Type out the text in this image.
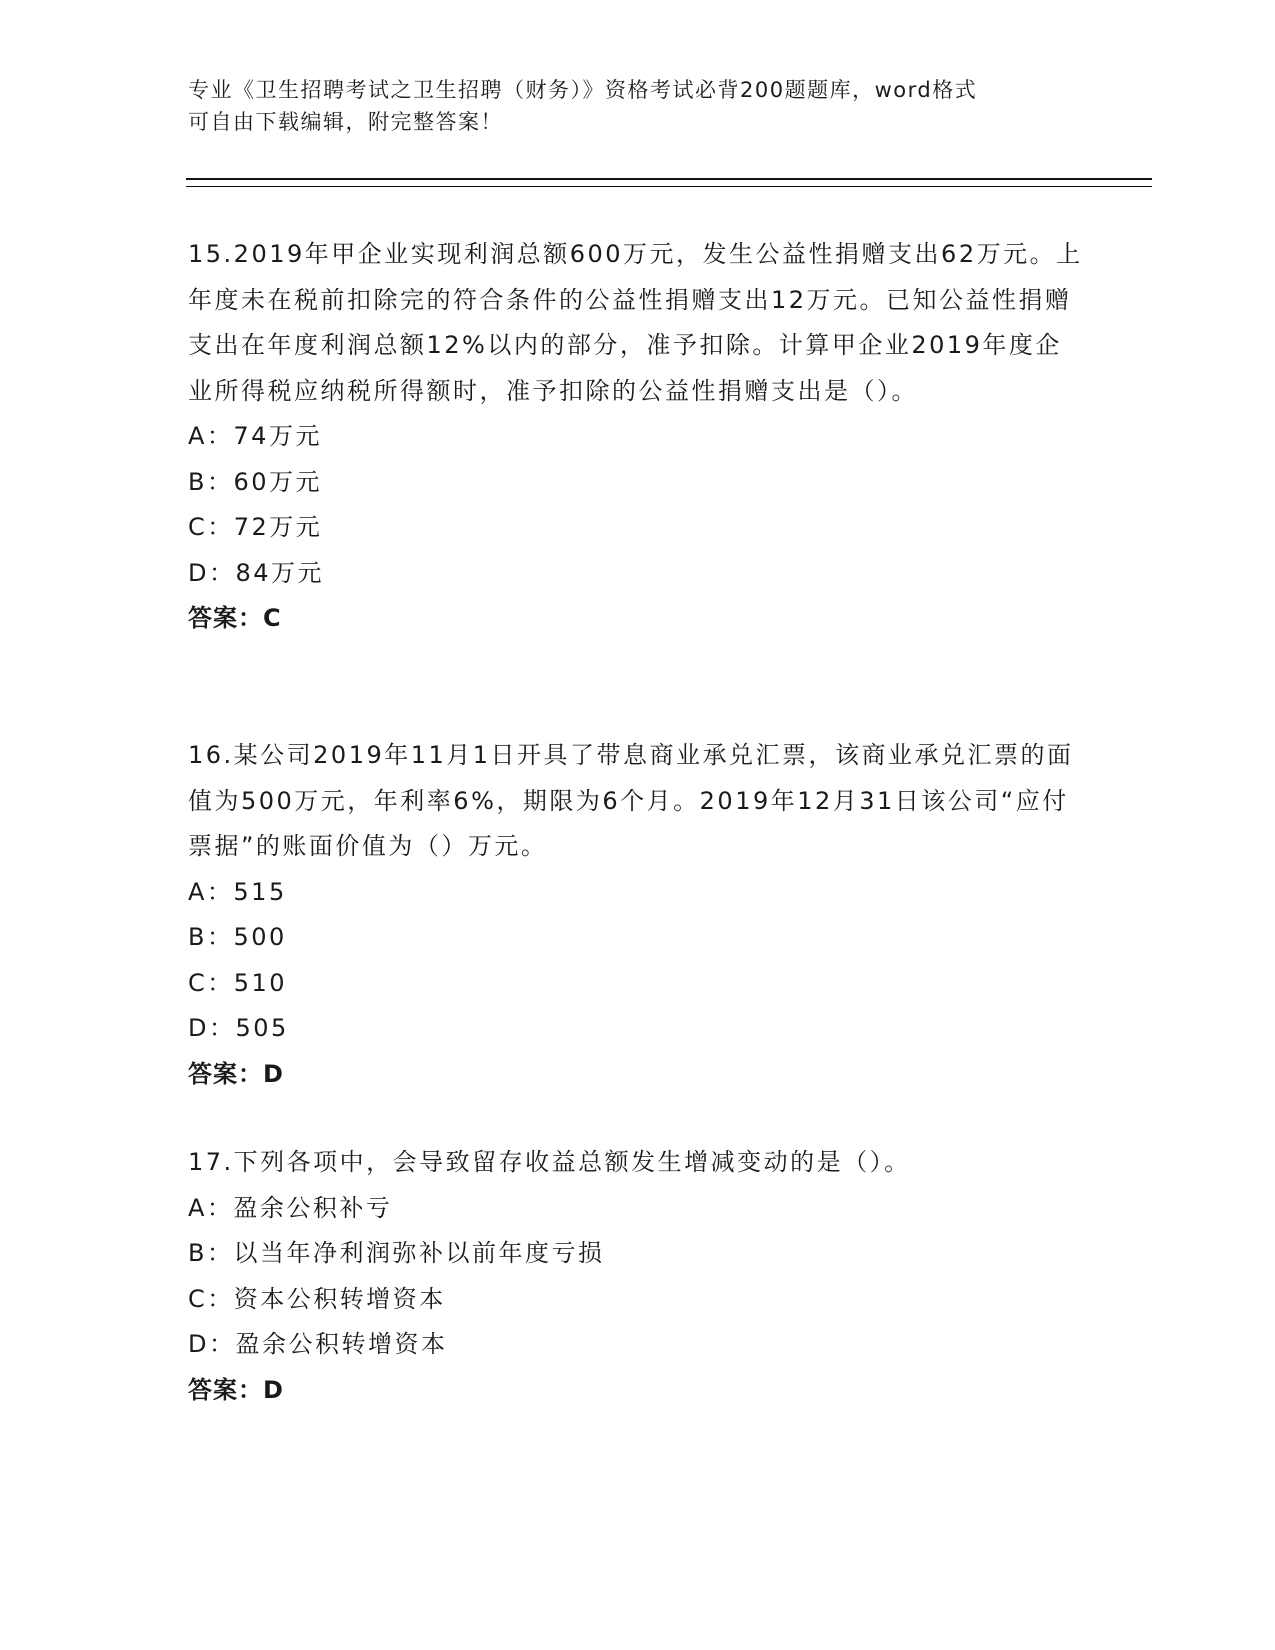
专业《卫生招聘考试之卫生招聘（财务）》资格考试必背200题题库，word格式
可自由下载编辑，附完整答案！

15.2019年甲企业实现利润总额600万元，发生公益性捐赠支出62万元。上年度未在税前扣除完的符合条件的公益性捐赠支出12万元。已知公益性捐赠支出在年度利润总额12%以内的部分，准予扣除。计算甲企业2019年度企业所得税应纳税所得额时，准予扣除的公益性捐赠支出是（）。

A：74万元

B：60万元

C：72万元

D：84万元

答案：C

16.某公司2019年11月1日开具了带息商业承兑汇票，该商业承兑汇票的面值为500万元，年利率6%，期限为6个月。2019年12月31日该公司“应付票据”的账面价值为（）万元。

A：515

B：500

C：510

D：505

答案：D

17.下列各项中，会导致留存收益总额发生增减变动的是（）。

A：盈余公积补亏

B：以当年净利润弥补以前年度亏损

C：资本公积转增资本

D：盈余公积转增资本

答案：D
